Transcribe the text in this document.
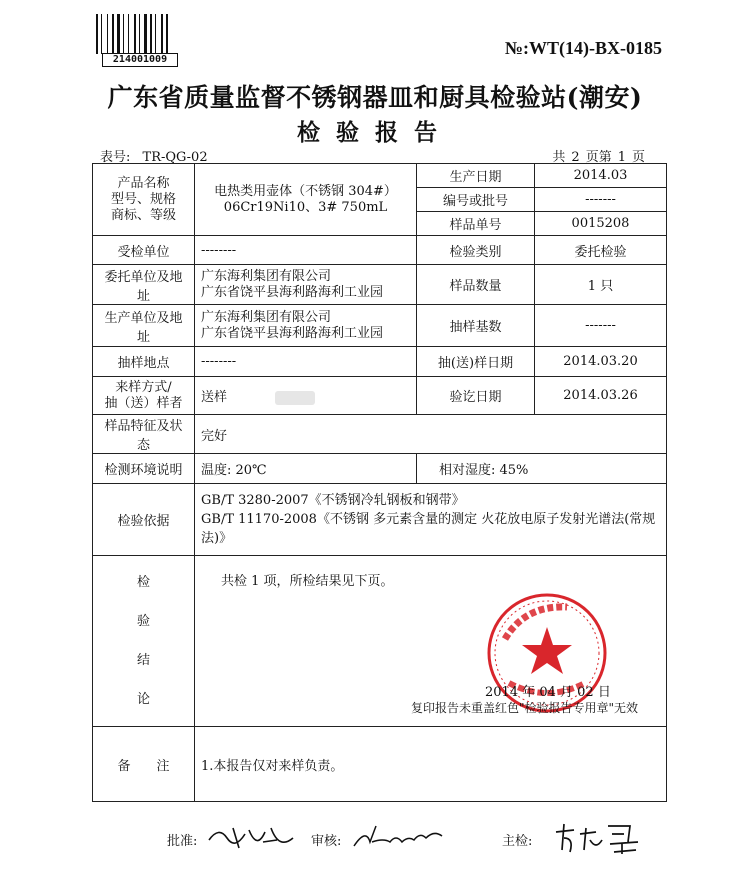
214001009
№:WT(14)-BX-0185
广东省质量监督不锈钢器皿和厨具检验站(潮安)
检验报告
表号: TR-QG-02	共 2 页第 1 页
产品名称
型号、规格
商标、等级	电热类用壶体（不锈钢 304#）
06Cr19Ni10、3# 750mL	生产日期	2014.03
		编号或批号	-------
		样品单号	0015208
受检单位	--------	检验类别	委托检验
委托单位及地址	广东海利集团有限公司
广东省饶平县海利路海利工业园	样品数量	1 只
生产单位及地址	广东海利集团有限公司
广东省饶平县海利路海利工业园	抽样基数	-------
抽样地点	--------	抽(送)样日期	2014.03.20

来样方式/
抽（送）样者	送样	验讫日期	2014.03.26
样品特征及状态	完好		
检测环境说明	温度: 20℃	相对湿度: 45%	
检验依据	GB/T 3280-2007《不锈钢冷轧钢板和钢带》
GB/T 11170-2008《不锈钢 多元素含量的测定 火花放电原子发射光谱法(常规法)》		

检
验
结
论	共检 1 项，所检结果见下页。
2014 年 04 月 02 日
复印报告未重盖红色"检验报告专用章"无效		

备　　注	1.本报告仅对来样负责。		
批准:	审核:	主检:
